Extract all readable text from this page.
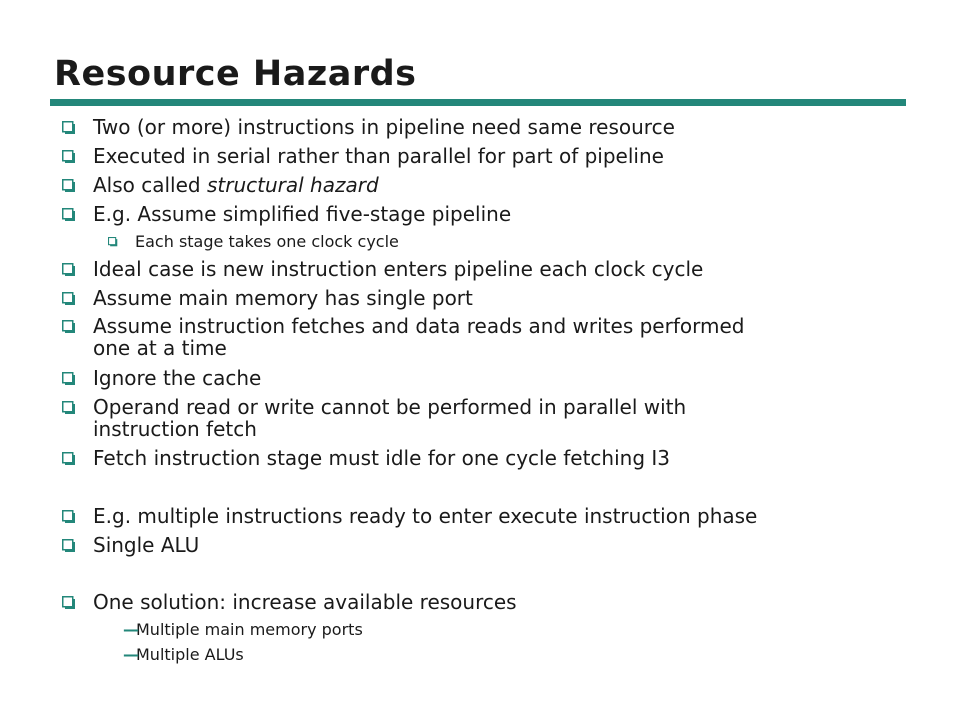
Resource Hazards
Two (or more) instructions in pipeline need same resource
Executed in serial rather than parallel for part of pipeline
Also called structural hazard
E.g. Assume simplified five-stage pipeline
Each stage takes one clock cycle
Ideal case is new instruction enters pipeline each clock cycle
Assume main memory has single port
Assume instruction fetches and data reads and writes performed
one at a time
Ignore the cache
Operand read or write cannot be performed in parallel with
instruction fetch
Fetch instruction stage must idle for one cycle fetching I3
E.g. multiple instructions ready to enter execute instruction phase
Single ALU
One solution: increase available resources
—
Multiple main memory ports
—
Multiple ALUs
